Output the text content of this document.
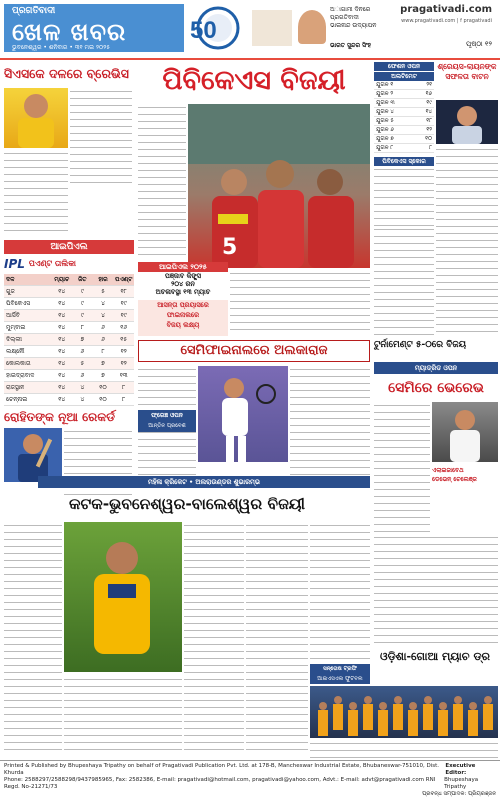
ପ୍ରଗତିବାଦୀ
ଖେଳ ଖବର
ଭୁବନେଶ୍ୱର • ଶନିବାର • ୩୧ ମଇ ୨୦୨୫
50
ଅାଗାମୀ ଦିନରେ ପ୍ରଗତିବାଦୀ
ଭାଇନାନ୍ଦ ଉଦ୍ୟାପନ
ଭାରତ ସୁନ୍ଦର ସିଂହ
pragativadi.com
www.pragativadi.com | f pragativadi
ପୃଷ୍ଠା ୧୨
ସିଏସକେ ଦଳରେ ବ୍ରେଭିସ
ଆଇପିଏଲ
IPL ପଏଣ୍ଟ ତାଲିକା
ଦଳ	ମ୍ୟାଚ	ଜିତ	ହାର	ପଏଣ୍ଟ
ଗୁଜ	୧୪	୯	୫	୧୮
ପିବିକେଏସ	୧୪	୯	୪	୧୯
ଆର୍ସିବି	୧୪	୯	୪	୧୯
ମୁମ୍ବାଇ	୧୪	୮	୬	୧୬
ଦିଲ୍ଲୀ	୧୪	୭	୬	୧୫
ଲକ୍ଷ୍ନୌ	୧୪	୬	୮	୧୨
କୋଲକାତା	୧୪	୫	୭	୧୨
ହାଇଦ୍ରାବାଦ	୧୪	୬	୭	୧୩
ରାଜସ୍ଥାନ	୧୪	୪	୧୦	୮
ଚେନ୍ନାଇ	୧୪	୪	୧୦	୮
ରୋହିତଙ୍କ ନୂଆ ରେକର୍ଡ
ପିବିକେଏସ ବିଜୟୀ
5
ଆଇପିଏଲ ୨୦୨୫
ପଞ୍ଜାବ କିଙ୍ଗ୍ସ
୨୦୪ ରନ
ଅଚଳାବସ୍ଥା ୧୩ ମ୍ୟାଚ
ଆସନ୍ତା ପ୍ରୟାସରେ
ଫାଇନାଲରେ
ବିଜୟ ଲକ୍ଷ୍ୟ
ସେମିଫାଇନାଲରେ ଅଲକାରାଜ
ଫ୍ରେଞ୍ଚ ଓପନ
ଆନ୍ତିନ ପ୍ରବେଶ
ମହିଳା କ୍ରିକେଟ • ଅଲରାଉଣ୍ଡର ଶୁଭାରମ୍ଭ
କଟକ-ଭୁବନେଶ୍ୱର-ବାଲେଶ୍ୱର ବିଜୟୀ
ଫେଶନ ଓପନ
ଅଲଟିମେଟ
ଯୁଗଳ ୧	୨୧
ଯୁଗଳ ୨	୧୬
ଯୁଗଳ ୩	୧୯
ଯୁଗଳ ୪	୧୪
ଯୁଗଳ ୫	୧୮
ଯୁଗଳ ୬	୧୨
ଯୁଗଳ ୭	୧୦
ଯୁଗଳ ୮	୮
ପିବିକେଏସ ସ୍କୋର
ଶ୍ରେୟସ-ଲାୟନଙ୍କ ସଫଳତା ବାଟନ
ଟୁର୍ନାମେଣ୍ଟ ୫-୦ରେ ବିଜୟ
ମ୍ୟାଡ୍ରିଡ ଓପନ
ସେମିରେ ଭେରେଭ
ଏଲାଇଜାବେଥ
ଡେଭେନ୍ ଚେଲେଞ୍ଜ
ସନ୍ତୋଷ ଟ୍ରଫି
ଆଇଏସଏଲ ଫୁଟବଲ
ଓଡ଼ିଶା-ଗୋଆ ମ୍ୟାଚ ଡ୍ର
Printed & Published by Bhupeshaya Tripathy on behalf of Pragativadi Publication Pvt. Ltd. at 178-B, Mancheswar Industrial Estate, Bhubaneswar-751010, Dist. Khurda
Executive Editor:
Phone: 2588297/2588298/9437985965, Fax: 2582386, E-mail: pragativadi@hotmail.com, pragativadi@yahoo.com, Advt.: E-mail: advt@pragativadi.com RNI Regd. No-21271/73
Bhupeshaya Tripathy
ପ୍ରବନ୍ଧ ସମ୍ପାଦକ: ପ୍ରିୟରଞ୍ଜନ
